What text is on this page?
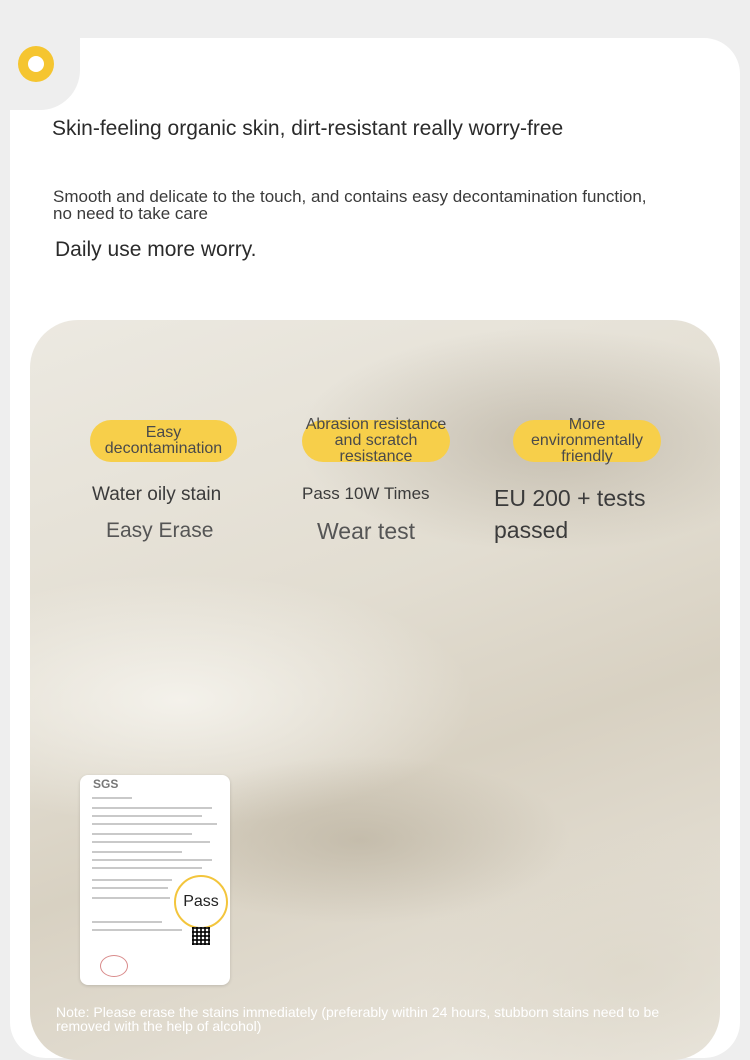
Skin-feeling organic skin, dirt-resistant really worry-free
Smooth and delicate to the touch, and contains easy decontamination function, no need to take care
Daily use more worry.
Easy decontamination
Abrasion resistance and scratch resistance
More environmentally friendly
Water oily stain
Easy Erase
Pass 10W Times
Wear test
EU 200 + tests passed
SGS
Pass
Note: Please erase the stains immediately (preferably within 24 hours, stubborn stains need to be removed with the help of alcohol)
